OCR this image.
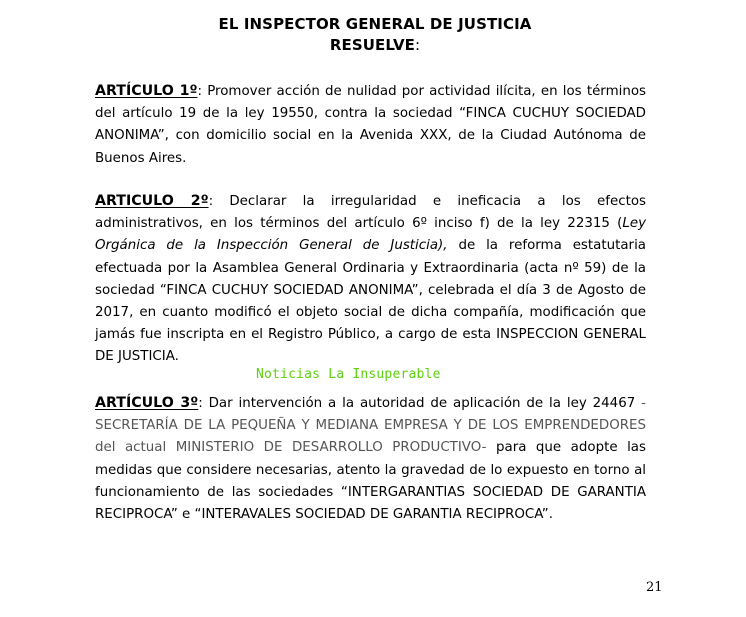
EL INSPECTOR GENERAL DE JUSTICIA
RESUELVE:
ARTÍCULO 1º: Promover acción de nulidad por actividad ilícita, en los términos del artículo 19 de la ley 19550, contra la sociedad “FINCA CUCHUY SOCIEDAD ANONIMA”, con domicilio social en la Avenida XXX, de la Ciudad Autónoma de Buenos Aires.
ARTICULO 2º: Declarar la irregularidad e ineficacia a los efectos administrativos, en los términos del artículo 6º inciso f) de la ley 22315 (Ley Orgánica de la Inspección General de Justicia), de la reforma estatutaria efectuada por la Asamblea General Ordinaria y Extraordinaria (acta nº 59) de la sociedad “FINCA CUCHUY SOCIEDAD ANONIMA”, celebrada el día 3 de Agosto de 2017, en cuanto modificó el objeto social de dicha compañía, modificación que jamás fue inscripta en el Registro Público, a cargo de esta INSPECCION GENERAL DE JUSTICIA.
Noticias La Insuperable
ARTÍCULO 3º: Dar intervención a la autoridad de aplicación de la ley 24467 -SECRETARÍA DE LA PEQUEÑA Y MEDIANA EMPRESA Y DE LOS EMPRENDEDORES del actual MINISTERIO DE DESARROLLO PRODUCTIVO- para que adopte las medidas que considere necesarias, atento la gravedad de lo expuesto en torno al funcionamiento de las sociedades “INTERGARANTIAS SOCIEDAD DE GARANTIA RECIPROCA” e “INTERAVALES SOCIEDAD DE GARANTIA RECIPROCA”.
21
